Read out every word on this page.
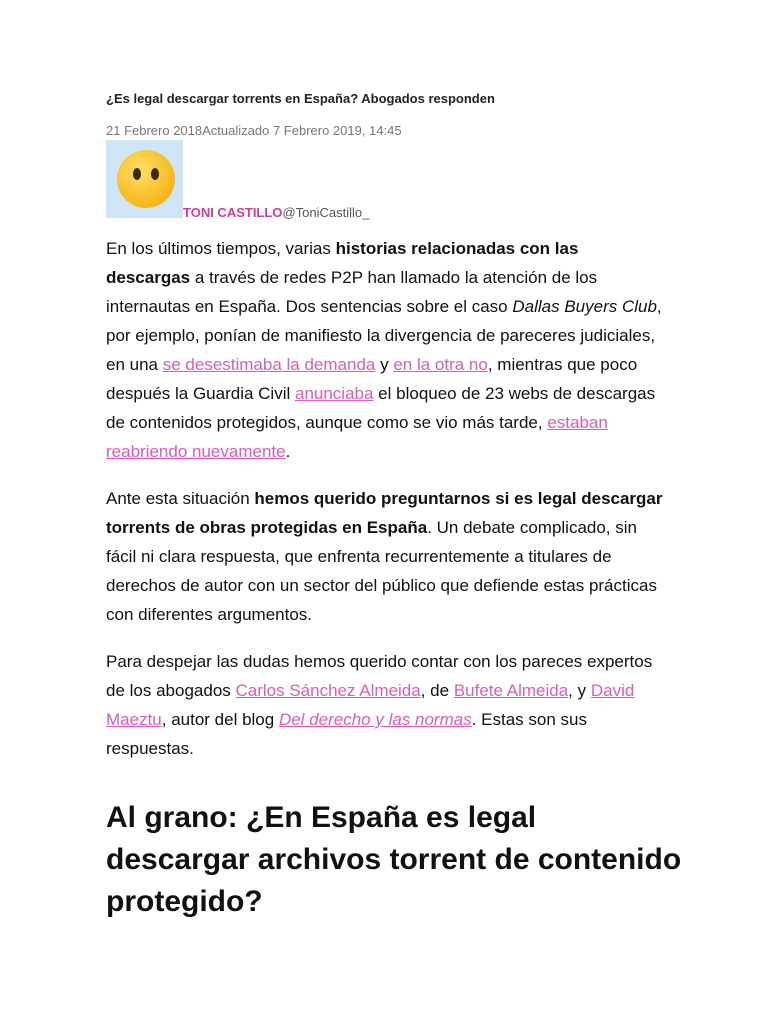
¿Es legal descargar torrents en España? Abogados responden
21 Febrero 2018Actualizado 7 Febrero 2019, 14:45
TONI CASTILLO@ToniCastillo_

En los últimos tiempos, varias historias relacionadas con las descargas a través de redes P2P han llamado la atención de los internautas en España. Dos sentencias sobre el caso Dallas Buyers Club, por ejemplo, ponían de manifiesto la divergencia de pareceres judiciales, en una se desestimaba la demanda y en la otra no, mientras que poco después la Guardia Civil anunciaba el bloqueo de 23 webs de descargas de contenidos protegidos, aunque como se vio más tarde, estaban reabriendo nuevamente.

Ante esta situación hemos querido preguntarnos si es legal descargar torrents de obras protegidas en España. Un debate complicado, sin fácil ni clara respuesta, que enfrenta recurrentemente a titulares de derechos de autor con un sector del público que defiende estas prácticas con diferentes argumentos.

Para despejar las dudas hemos querido contar con los pareces expertos de los abogados Carlos Sánchez Almeida, de Bufete Almeida, y David Maeztu, autor del blog Del derecho y las normas. Estas son sus respuestas.

Al grano: ¿En España es legal descargar archivos torrent de contenido protegido?
